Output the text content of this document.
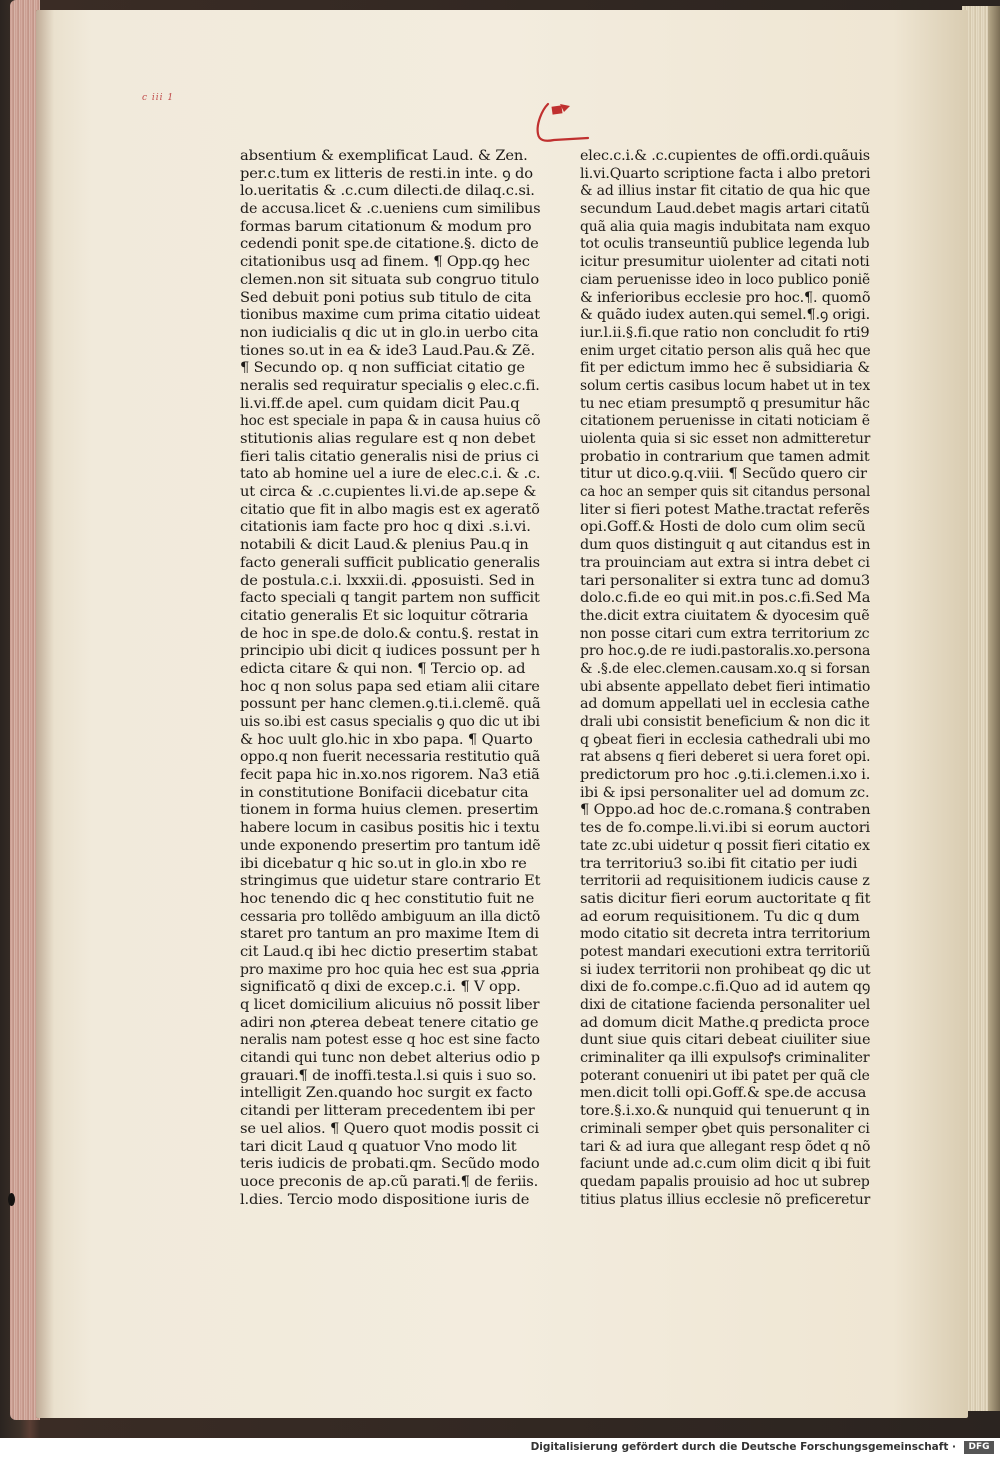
c iii 1
absentium & exemplificat Laud. & Zen.
per.c.tum ex litteris de resti.in inte. ꝯ do
lo.ueritatis & .c.cum dilecti.de dilaq.c.si.
de accusa.licet & .c.ueniens cum similibus
formas barum citationum & modum pro
cedendi ponit spe.de citatione.§. dicto de
citationibus usq ad finem. ¶ Opp.qꝯ hec
clemen.non sit situata sub congruo titulo
Sed debuit poni potius sub titulo de cita
tionibus maxime cum prima citatio uideat
non iudicialis q dic ut in glo.in uerbo cita
tiones so.ut in ea & ide3 Laud.Pau.& Zẽ.
¶ Secundo op. q non sufficiat citatio ge
neralis sed requiratur specialis ꝯ elec.c.fi.
li.vi.ff.de apel. cum quidam dicit Pau.q
hoc est speciale in papa & in causa huius cõ
stitutionis alias regulare est q non debet
fieri talis citatio generalis nisi de prius ci
tato ab homine uel a iure de elec.c.i. & .c.
ut circa & .c.cupientes li.vi.de ap.sepe &
citatio que fit in albo magis est ex ageratõ
citationis iam facte pro hoc q dixi .s.i.vi.
notabili & dicit Laud.& plenius Pau.q in
facto generali sufficit publicatio generalis
de postula.c.i. lxxxii.di. ꝓposuisti. Sed in
facto speciali q tangit partem non sufficit
citatio generalis Et sic loquitur cõtraria
de hoc in spe.de dolo.& contu.§. restat in
principio ubi dicit q iudices possunt per h
edicta citare & qui non. ¶ Tercio op. ad
hoc q non solus papa sed etiam alii citare
possunt per hanc clemen.ꝯ.ti.i.clemẽ. quã
uis so.ibi est casus specialis ꝯ quo dic ut ibi
& hoc uult glo.hic in xbo papa. ¶ Quarto
oppo.q non fuerit necessaria restitutio quã
fecit papa hic in.xo.nos rigorem. Na3 etiã
in constitutione Bonifacii dicebatur cita
tionem in forma huius clemen. presertim
habere locum in casibus positis hic i textu
unde exponendo presertim pro tantum idẽ
ibi dicebatur q hic so.ut in glo.in xbo re
stringimus que uidetur stare contrario Et
hoc tenendo dic q hec constitutio fuit ne
cessaria pro tollẽdo ambiguum an illa dictõ
staret pro tantum an pro maxime Item di
cit Laud.q ibi hec dictio presertim stabat
pro maxime pro hoc quia hec est sua ꝓpria
significatõ q dixi de excep.c.i. ¶ V opp.
q licet domicilium alicuius nõ possit liber
adiri non ꝓterea debeat tenere citatio ge
neralis nam potest esse q hoc est sine facto
citandi qui tunc non debet alterius odio p
grauari.¶ de inoffi.testa.l.si quis i suo so.
intelligit Zen.quando hoc surgit ex facto
citandi per litteram precedentem ibi per
se uel alios. ¶ Quero quot modis possit ci
tari dicit Laud q quatuor Vno modo lit
teris iudicis de probati.qm. Secũdo modo
uoce preconis de ap.cũ parati.¶ de feriis.
l.dies. Tercio modo dispositione iuris de
elec.c.i.& .c.cupientes de offi.ordi.quãuis
li.vi.Quarto scriptione facta i albo pretori
& ad illius instar fit citatio de qua hic que
secundum Laud.debet magis artari citatũ
quã alia quia magis indubitata nam exquo
tot oculis transeuntiũ publice legenda lub
icitur presumitur uiolenter ad citati noti
ciam peruenisse ideo in loco publico poniẽ
& inferioribus ecclesie pro hoc.¶. quomõ
& quãdo iudex auten.qui semel.¶.ꝯ origi.
iur.l.ii.§.fi.que ratio non concludit fo rti9
enim urget citatio person alis quã hec que
fit per edictum immo hec ẽ subsidiaria &
solum certis casibus locum habet ut in tex
tu nec etiam presumptõ q presumitur hãc
citationem peruenisse in citati noticiam ẽ
uiolenta quia si sic esset non admitteretur
probatio in contrarium que tamen admit
titur ut dico.ꝯ.q.viii. ¶ Secũdo quero cir
ca hoc an semper quis sit citandus personal
liter si fieri potest Mathe.tractat referẽs
opi.Goff.& Hosti de dolo cum olim secũ
dum quos distinguit q aut citandus est in
tra prouinciam aut extra si intra debet ci
tari personaliter si extra tunc ad domu3
dolo.c.fi.de eo qui mit.in pos.c.fi.Sed Ma
the.dicit extra ciuitatem & dyocesim quẽ
non posse citari cum extra territorium zc
pro hoc.ꝯ.de re iudi.pastoralis.xo.persona
& .§.de elec.clemen.causam.xo.q si forsan
ubi absente appellato debet fieri intimatio
ad domum appellati uel in ecclesia cathe
drali ubi consistit beneficium & non dic it
q ꝯbeat fieri in ecclesia cathedrali ubi mo
rat absens q fieri deberet si uera foret opi.
predictorum pro hoc .ꝯ.ti.i.clemen.i.xo i.
ibi & ipsi personaliter uel ad domum zc.
¶ Oppo.ad hoc de.c.romana.§ contraben
tes de fo.compe.li.vi.ibi si eorum auctori
tate zc.ubi uidetur q possit fieri citatio ex
tra territoriu3 so.ibi fit citatio per iudi
territorii ad requisitionem iudicis cause z
satis dicitur fieri eorum auctoritate q fit
ad eorum requisitionem. Tu dic q dum
modo citatio sit decreta intra territorium
potest mandari executioni extra territoriũ
si iudex territorii non prohibeat qꝯ dic ut
dixi de fo.compe.c.fi.Quo ad id autem qꝯ
dixi de citatione facienda personaliter uel
ad domum dicit Mathe.q predicta proce
dunt siue quis citari debeat ciuiliter siue
criminaliter qa illi expulsoꝭs criminaliter
poterant conueniri ut ibi patet per quã cle
men.dicit tolli opi.Goff.& spe.de accusa
tore.§.i.xo.& nunquid qui tenuerunt q in
criminali semper ꝯbet quis personaliter ci
tari & ad iura que allegant resp õdet q nõ
faciunt unde ad.c.cum olim dicit q ibi fuit
quedam papalis prouisio ad hoc ut subrep
titius platus illius ecclesie nõ preficeretur
Digitalisierung gefördert durch die Deutsche Forschungsgemeinschaft ·	DFG
